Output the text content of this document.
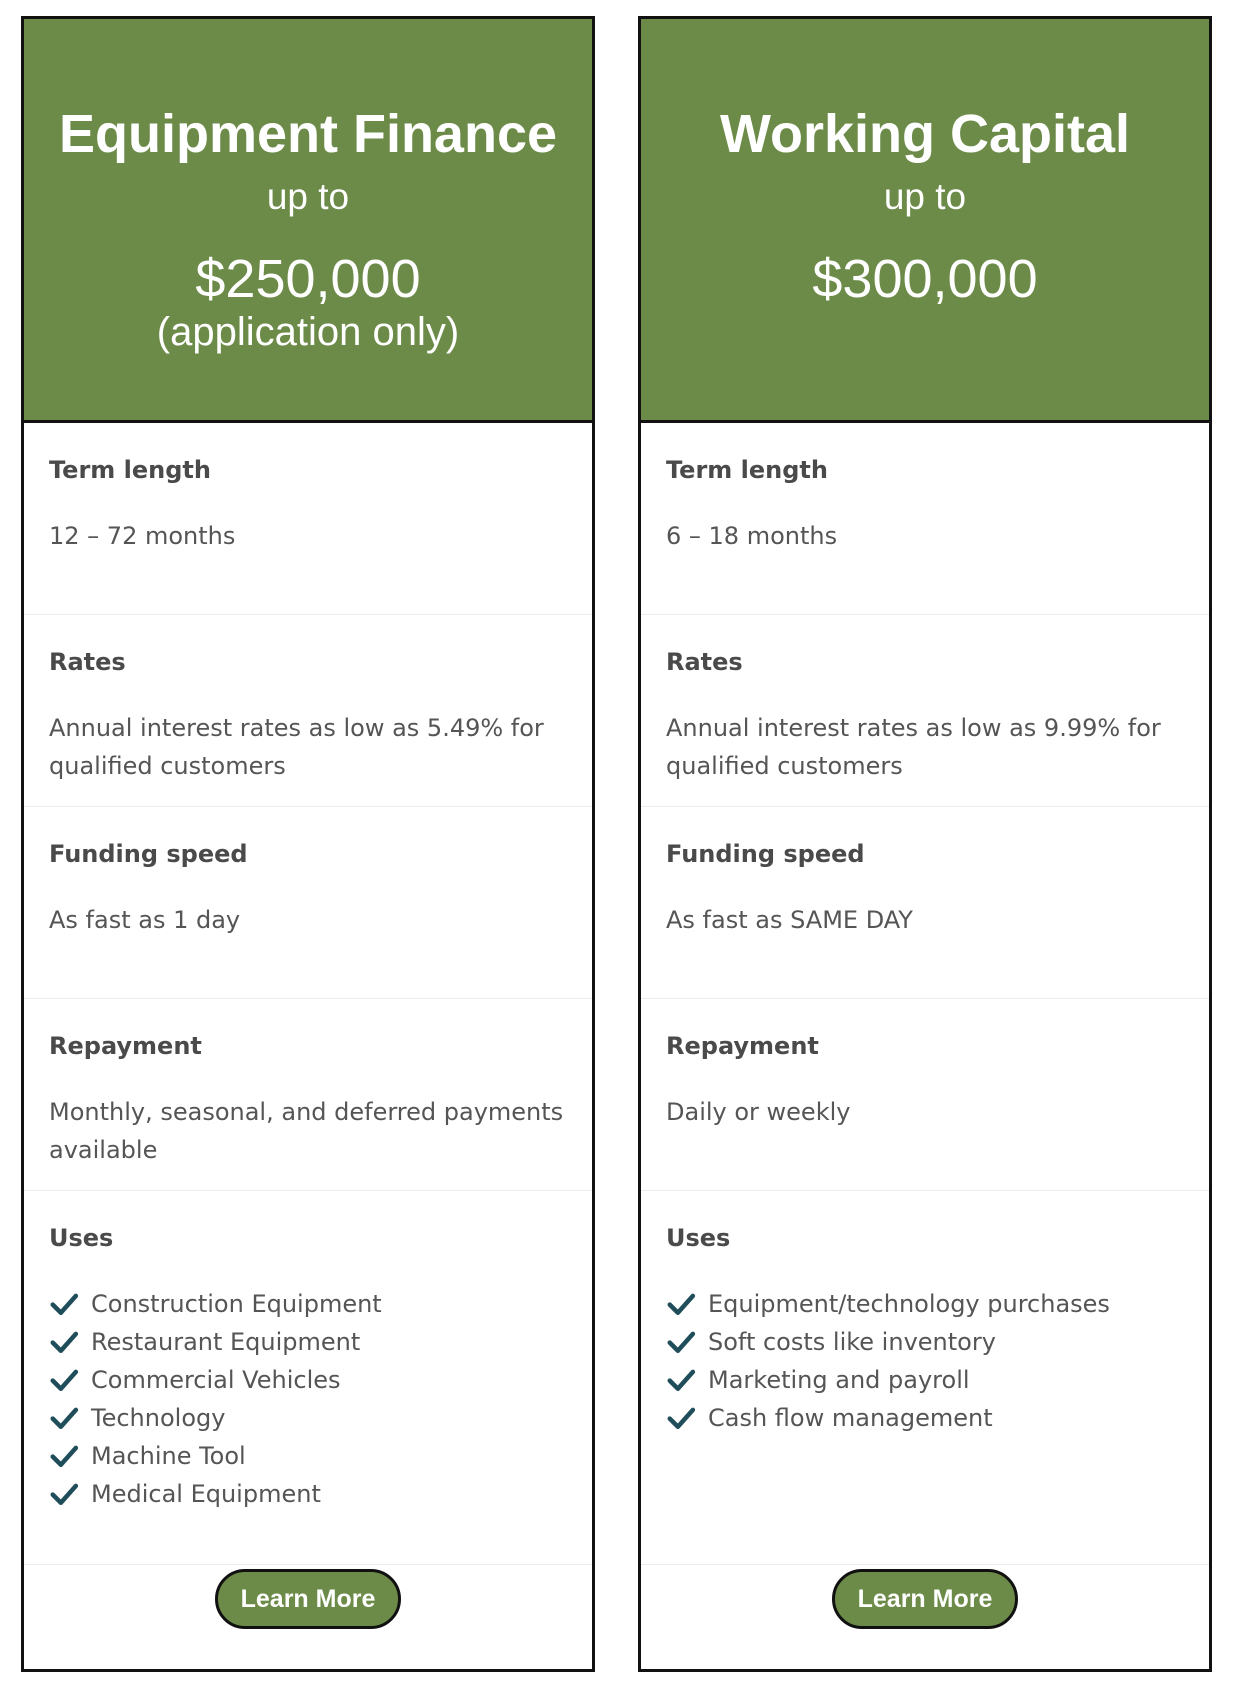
Equipment Finance
up to
$250,000
(application only)
Term length
12 – 72 months
Rates
Annual interest rates as low as 5.49% for qualified customers
Funding speed
As fast as 1 day
Repayment
Monthly, seasonal, and deferred payments available
Uses
Construction Equipment
Restaurant Equipment
Commercial Vehicles
Technology
Machine Tool
Medical Equipment
Learn More
Working Capital
up to
$300,000
Term length
6 – 18 months
Rates
Annual interest rates as low as 9.99% for qualified customers
Funding speed
As fast as SAME DAY
Repayment
Daily or weekly
Uses
Equipment/technology purchases
Soft costs like inventory
Marketing and payroll
Cash flow management
Learn More
